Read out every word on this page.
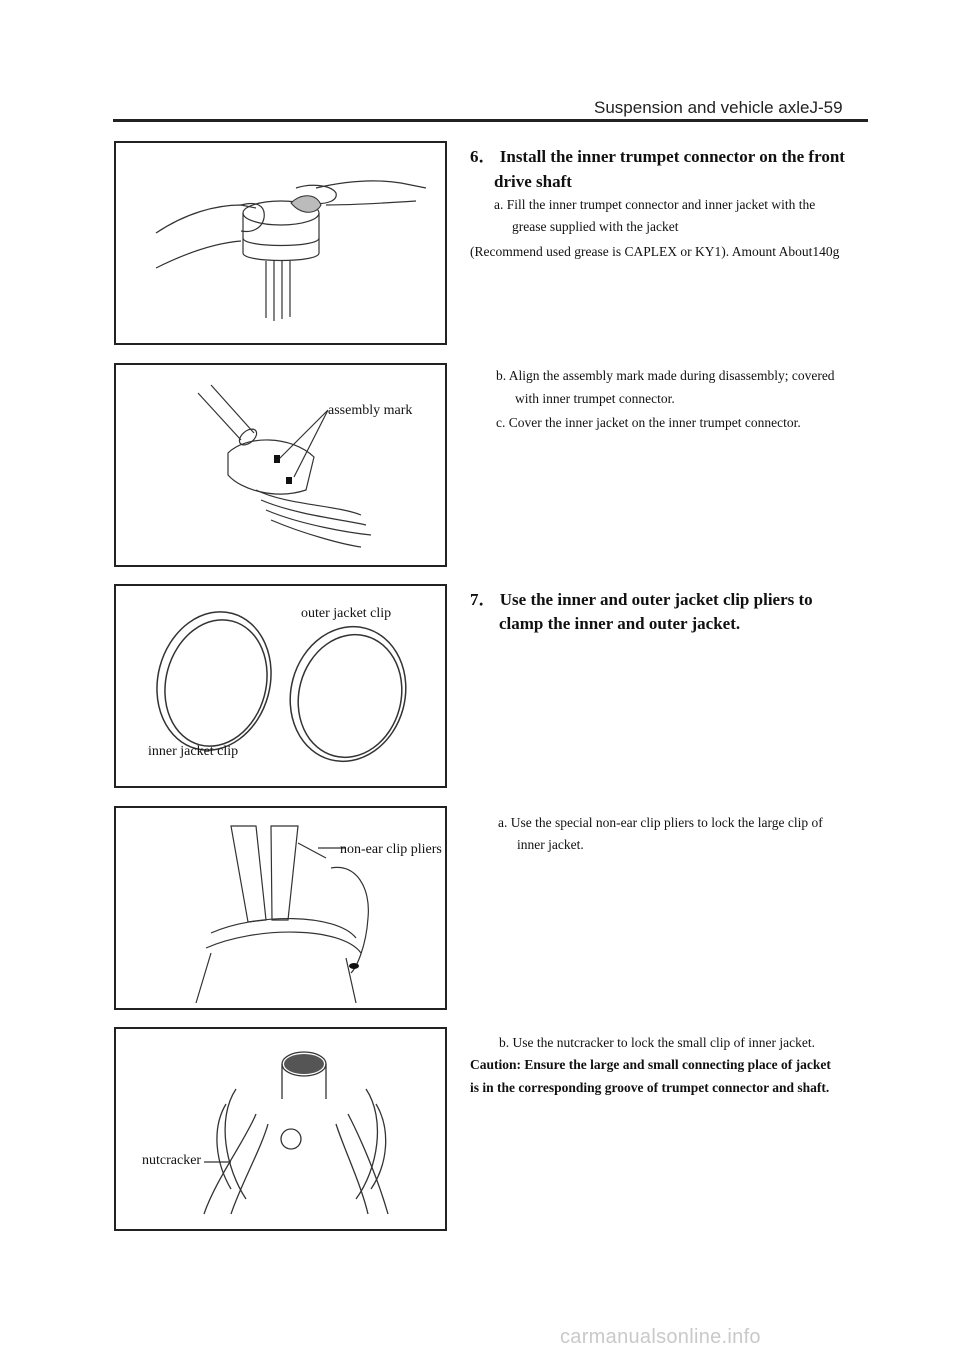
Suspension and vehicle axleJ-59
assembly mark
outer jacket clip
inner jacket clip
non-ear clip pliers
nutcracker
6． Install the inner trumpet connector on the front
drive shaft
a. Fill the inner trumpet connector and inner jacket with the
grease supplied with the jacket
(Recommend used grease is CAPLEX or KY1). Amount About140g
b. Align the assembly mark made during disassembly; covered
with inner trumpet connector.
c. Cover the inner jacket on the inner trumpet connector.
7． Use the inner and outer jacket clip pliers to
clamp the inner and outer jacket.
a. Use the special non-ear clip pliers to lock the large clip of
inner jacket.
b. Use the nutcracker to lock the small clip of inner jacket.
Caution: Ensure the large and small connecting place of jacket
is in the corresponding groove of trumpet connector and shaft.
carmanualsonline.info
